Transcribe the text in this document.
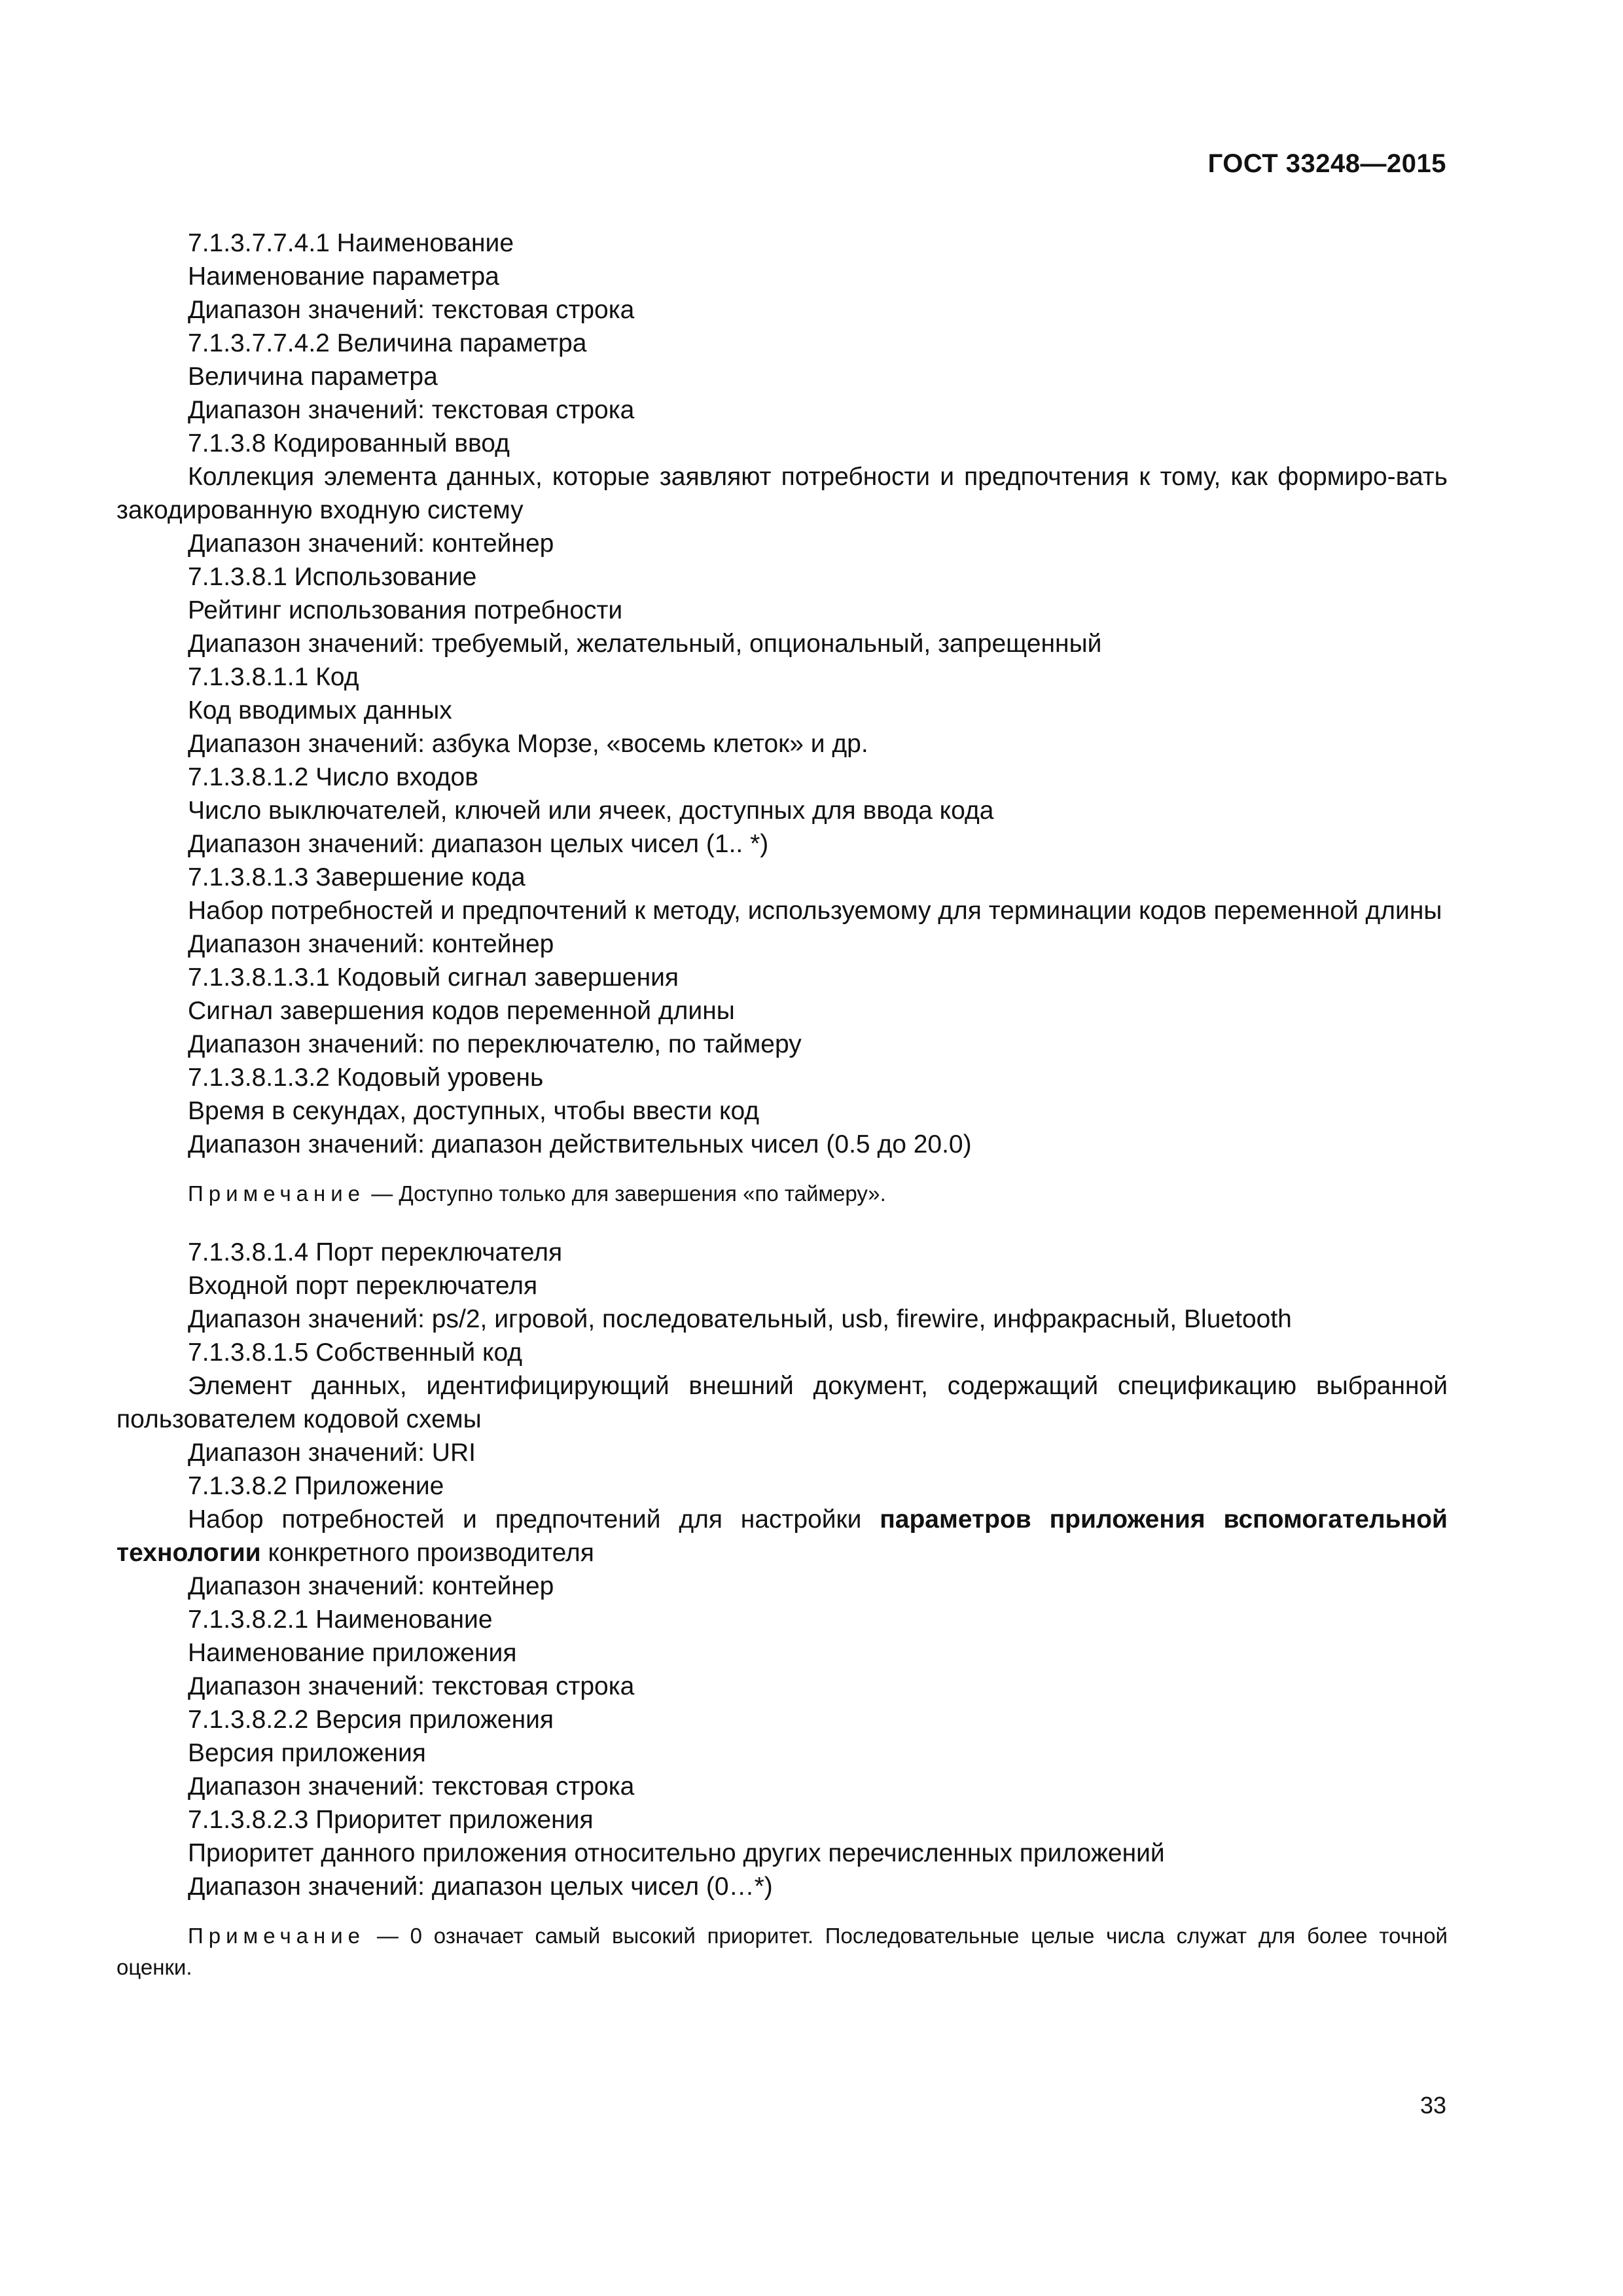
ГОСТ 33248—2015

7.1.3.7.7.4.1 Наименование

Наименование параметра

Диапазон значений: текстовая строка

7.1.3.7.7.4.2 Величина параметра

Величина параметра

Диапазон значений: текстовая строка

7.1.3.8 Кодированный ввод

Коллекция элемента данных, которые заявляют потребности и предпочтения к тому, как формиро-вать закодированную входную систему

Диапазон значений: контейнер

7.1.3.8.1 Использование

Рейтинг использования потребности

Диапазон значений: требуемый, желательный, опциональный, запрещенный

7.1.3.8.1.1 Код

Код вводимых данных

Диапазон значений: азбука Морзе, «восемь клеток» и др.

7.1.3.8.1.2 Число входов

Число выключателей, ключей или ячеек, доступных для ввода кода

Диапазон значений: диапазон целых чисел (1.. *)

7.1.3.8.1.3 Завершение кода

Набор потребностей и предпочтений к методу, используемому для терминации кодов переменной длины

Диапазон значений: контейнер

7.1.3.8.1.3.1 Кодовый сигнал завершения

Сигнал завершения кодов переменной длины

Диапазон значений: по переключателю, по таймеру

7.1.3.8.1.3.2 Кодовый уровень

Время в секундах, доступных, чтобы ввести код

Диапазон значений: диапазон действительных чисел (0.5 до 20.0)

Примечание — Доступно только для завершения «по таймеру».

7.1.3.8.1.4 Порт переключателя

Входной порт переключателя

Диапазон значений: ps/2, игровой, последовательный, usb, firewire, инфракрасный, Bluetooth

7.1.3.8.1.5 Собственный код

Элемент данных, идентифицирующий внешний документ, содержащий спецификацию выбранной пользователем кодовой схемы

Диапазон значений: URI

7.1.3.8.2 Приложение

Набор потребностей и предпочтений для настройки параметров приложения вспомогательной технологии конкретного производителя

Диапазон значений: контейнер

7.1.3.8.2.1 Наименование

Наименование приложения

Диапазон значений: текстовая строка

7.1.3.8.2.2 Версия приложения

Версия приложения

Диапазон значений: текстовая строка

7.1.3.8.2.3 Приоритет приложения

Приоритет данного приложения относительно других перечисленных приложений

Диапазон значений: диапазон целых чисел (0…*)

Примечание — 0 означает самый высокий приоритет. Последовательные целые числа служат для более точной оценки.

33
